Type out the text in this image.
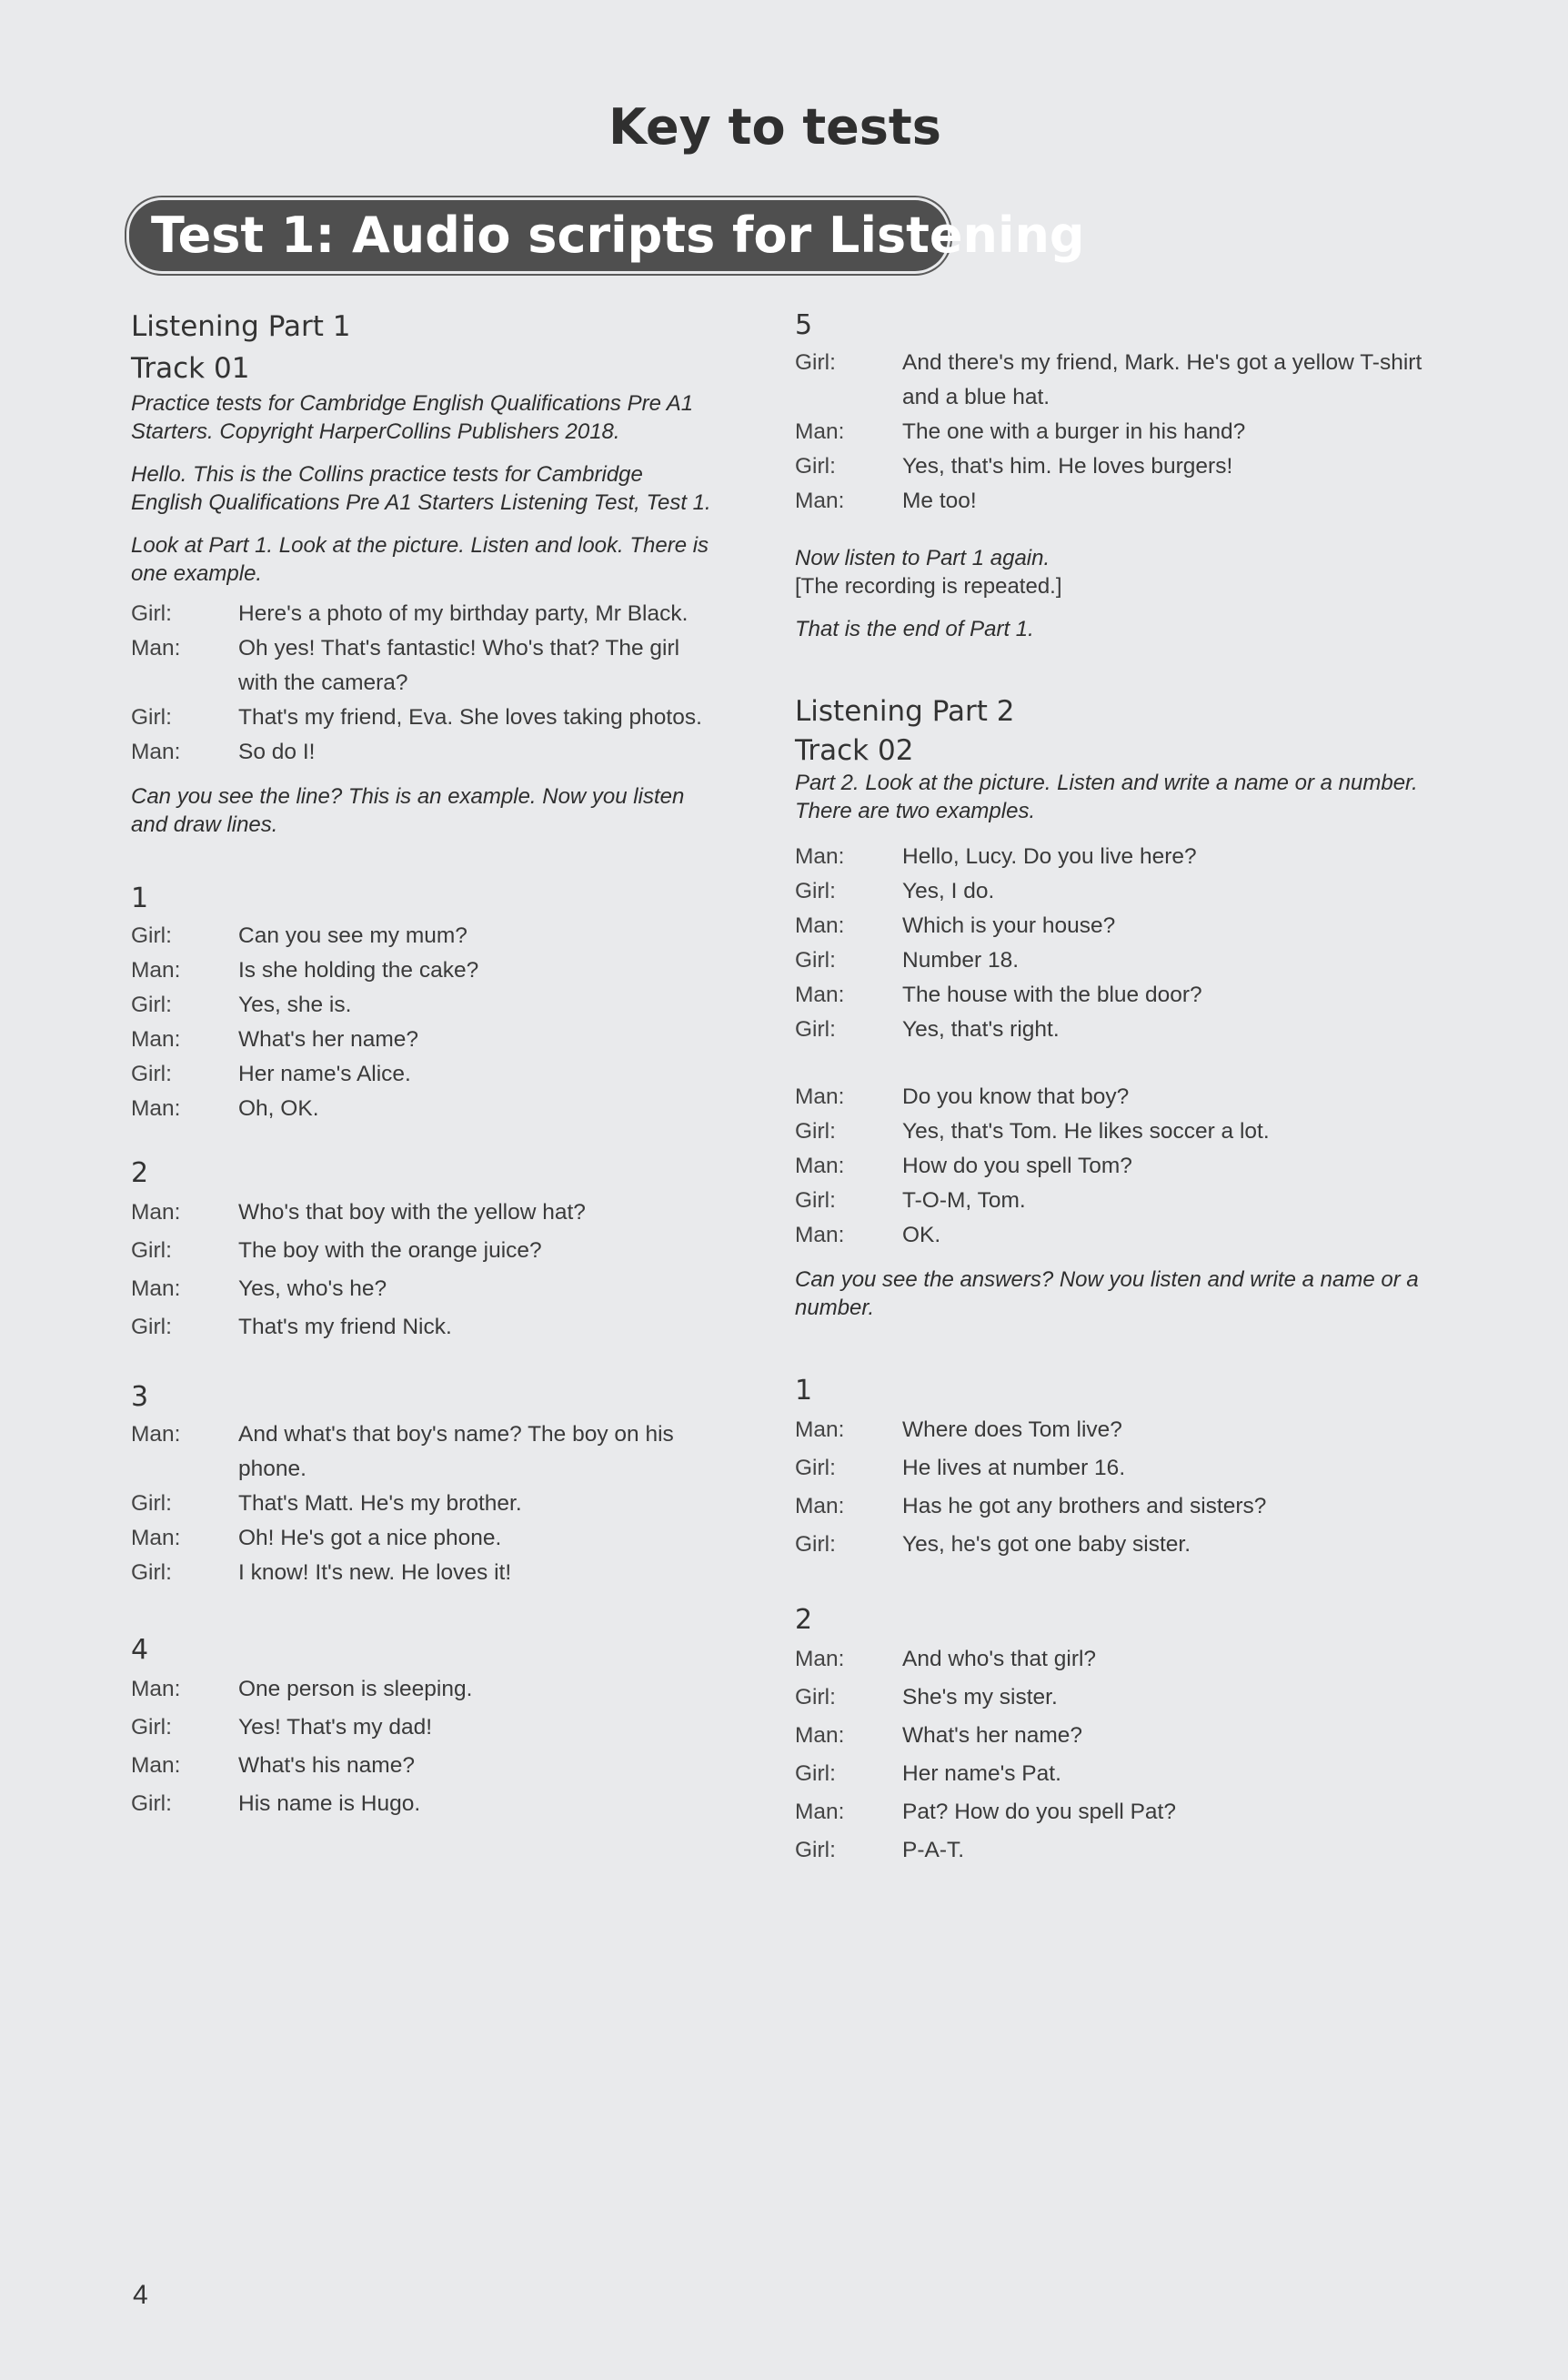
Key to tests
Test 1: Audio scripts for Listening
Listening Part 1
Track 01
Practice tests for Cambridge English Qualifications Pre A1 Starters. Copyright HarperCollins Publishers 2018.
Hello. This is the Collins practice tests for Cambridge English Qualifications Pre A1 Starters Listening Test, Test 1.
Look at Part 1. Look at the picture. Listen and look. There is one example.
Girl:	Here's a photo of my birthday party, Mr Black.
Man:	Oh yes! That's fantastic! Who's that? The girl with the camera?
Girl:	That's my friend, Eva. She loves taking photos.
Man:	So do I!
Can you see the line? This is an example. Now you listen and draw lines.
1
Girl:	Can you see my mum?
Man:	Is she holding the cake?
Girl:	Yes, she is.
Man:	What's her name?
Girl:	Her name's Alice.
Man:	Oh, OK.
2
Man:	Who's that boy with the yellow hat?
Girl:	The boy with the orange juice?
Man:	Yes, who's he?
Girl:	That's my friend Nick.
3
Man:	And what's that boy's name? The boy on his phone.
Girl:	That's Matt. He's my brother.
Man:	Oh! He's got a nice phone.
Girl:	I know! It's new. He loves it!
4
Man:	One person is sleeping.
Girl:	Yes! That's my dad!
Man:	What's his name?
Girl:	His name is Hugo.
5
Girl:	And there's my friend, Mark. He's got a yellow T-shirt and a blue hat.
Man:	The one with a burger in his hand?
Girl:	Yes, that's him. He loves burgers!
Man:	Me too!
Now listen to Part 1 again.
[The recording is repeated.]
That is the end of Part 1.
Listening Part 2
Track 02
Part 2. Look at the picture. Listen and write a name or a number. There are two examples.
Man:	Hello, Lucy. Do you live here?
Girl:	Yes, I do.
Man:	Which is your house?
Girl:	Number 18.
Man:	The house with the blue door?
Girl:	Yes, that's right.
Man:	Do you know that boy?
Girl:	Yes, that's Tom. He likes soccer a lot.
Man:	How do you spell Tom?
Girl:	T-O-M, Tom.
Man:	OK.
Can you see the answers? Now you listen and write a name or a number.
1
Man:	Where does Tom live?
Girl:	He lives at number 16.
Man:	Has he got any brothers and sisters?
Girl:	Yes, he's got one baby sister.
2
Man:	And who's that girl?
Girl:	She's my sister.
Man:	What's her name?
Girl:	Her name's Pat.
Man:	Pat? How do you spell Pat?
Girl:	P-A-T.
4
